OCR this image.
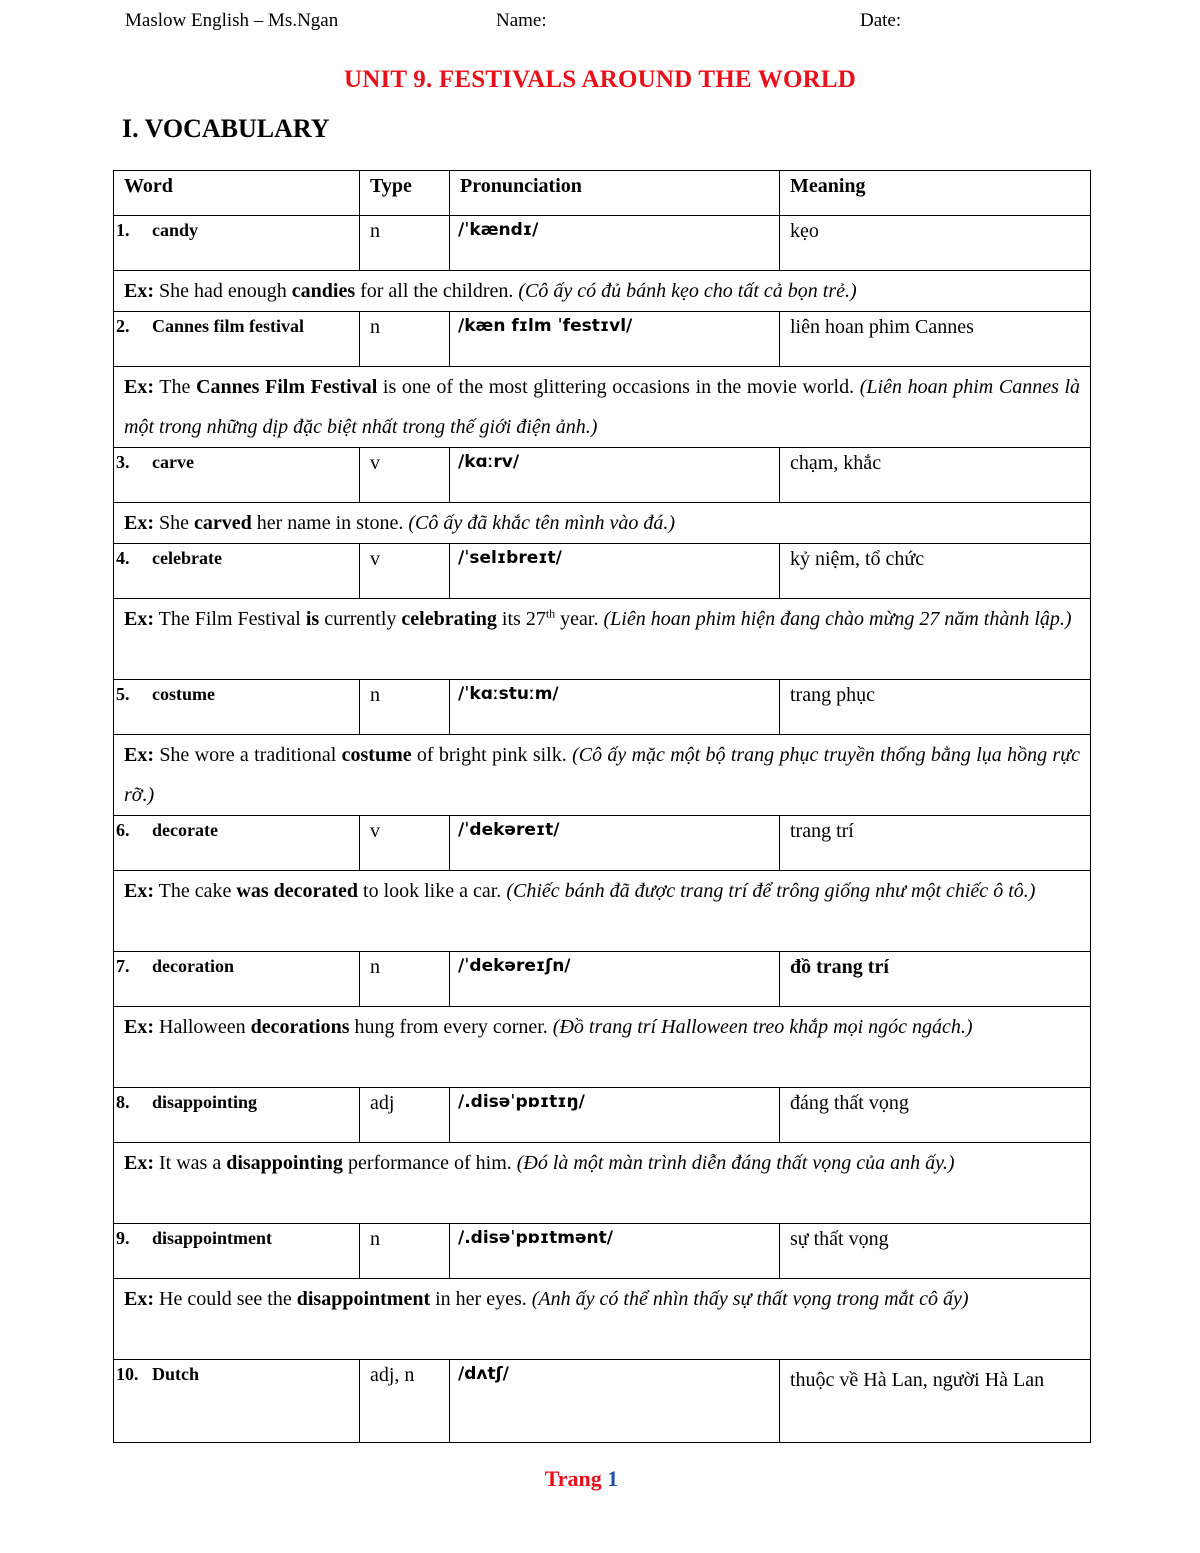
Maslow English – Ms.Ngan	Name:	Date:
UNIT 9. FESTIVALS AROUND THE WORLD
I. VOCABULARY
Word	Type	Pronunciation	Meaning
1. candy	n	/ˈkændɪ/	kẹo
Ex: She had enough candies for all the children. (Cô ấy có đủ bánh kẹo cho tất cả bọn trẻ.)			
2. Cannes film festival	n	/kæn fɪlm ˈfestɪvl/	liên hoan phim Cannes
Ex: The Cannes Film Festival is one of the most glittering occasions in the movie world. (Liên hoan phim Cannes là một trong những dịp đặc biệt nhất trong thế giới điện ảnh.)			
3. carve	v	/kɑːrv/	chạm, khắc
Ex: She carved her name in stone. (Cô ấy đã khắc tên mình vào đá.)			
4. celebrate	v	/ˈselɪbreɪt/	kỷ niệm, tổ chức
Ex: The Film Festival is currently celebrating its 27th year. (Liên hoan phim hiện đang chào mừng 27 năm thành lập.)			
5. costume	n	/ˈkɑːstuːm/	trang phục
Ex: She wore a traditional costume of bright pink silk. (Cô ấy mặc một bộ trang phục truyền thống bằng lụa hồng rực rỡ.)			
6. decorate	v	/ˈdekəreɪt/	trang trí
Ex: The cake was decorated to look like a car. (Chiếc bánh đã được trang trí để trông giống như một chiếc ô tô.)			
7. decoration	n	/ˈdekəreɪʃn/	đồ trang trí
Ex: Halloween decorations hung from every corner. (Đồ trang trí Halloween treo khắp mọi ngóc ngách.)			
8. disappointing	adj	/.disəˈpɒɪtɪŋ/	đáng thất vọng
Ex: It was a disappointing performance of him. (Đó là một màn trình diễn đáng thất vọng của anh ấy.)			
9. disappointment	n	/.disəˈpɒɪtmənt/	sự thất vọng
Ex: He could see the disappointment in her eyes. (Anh ấy có thể nhìn thấy sự thất vọng trong mắt cô ấy)			
10. Dutch	adj, n	/dʌtʃ/	thuộc về Hà Lan, người Hà Lan
Trang 1
